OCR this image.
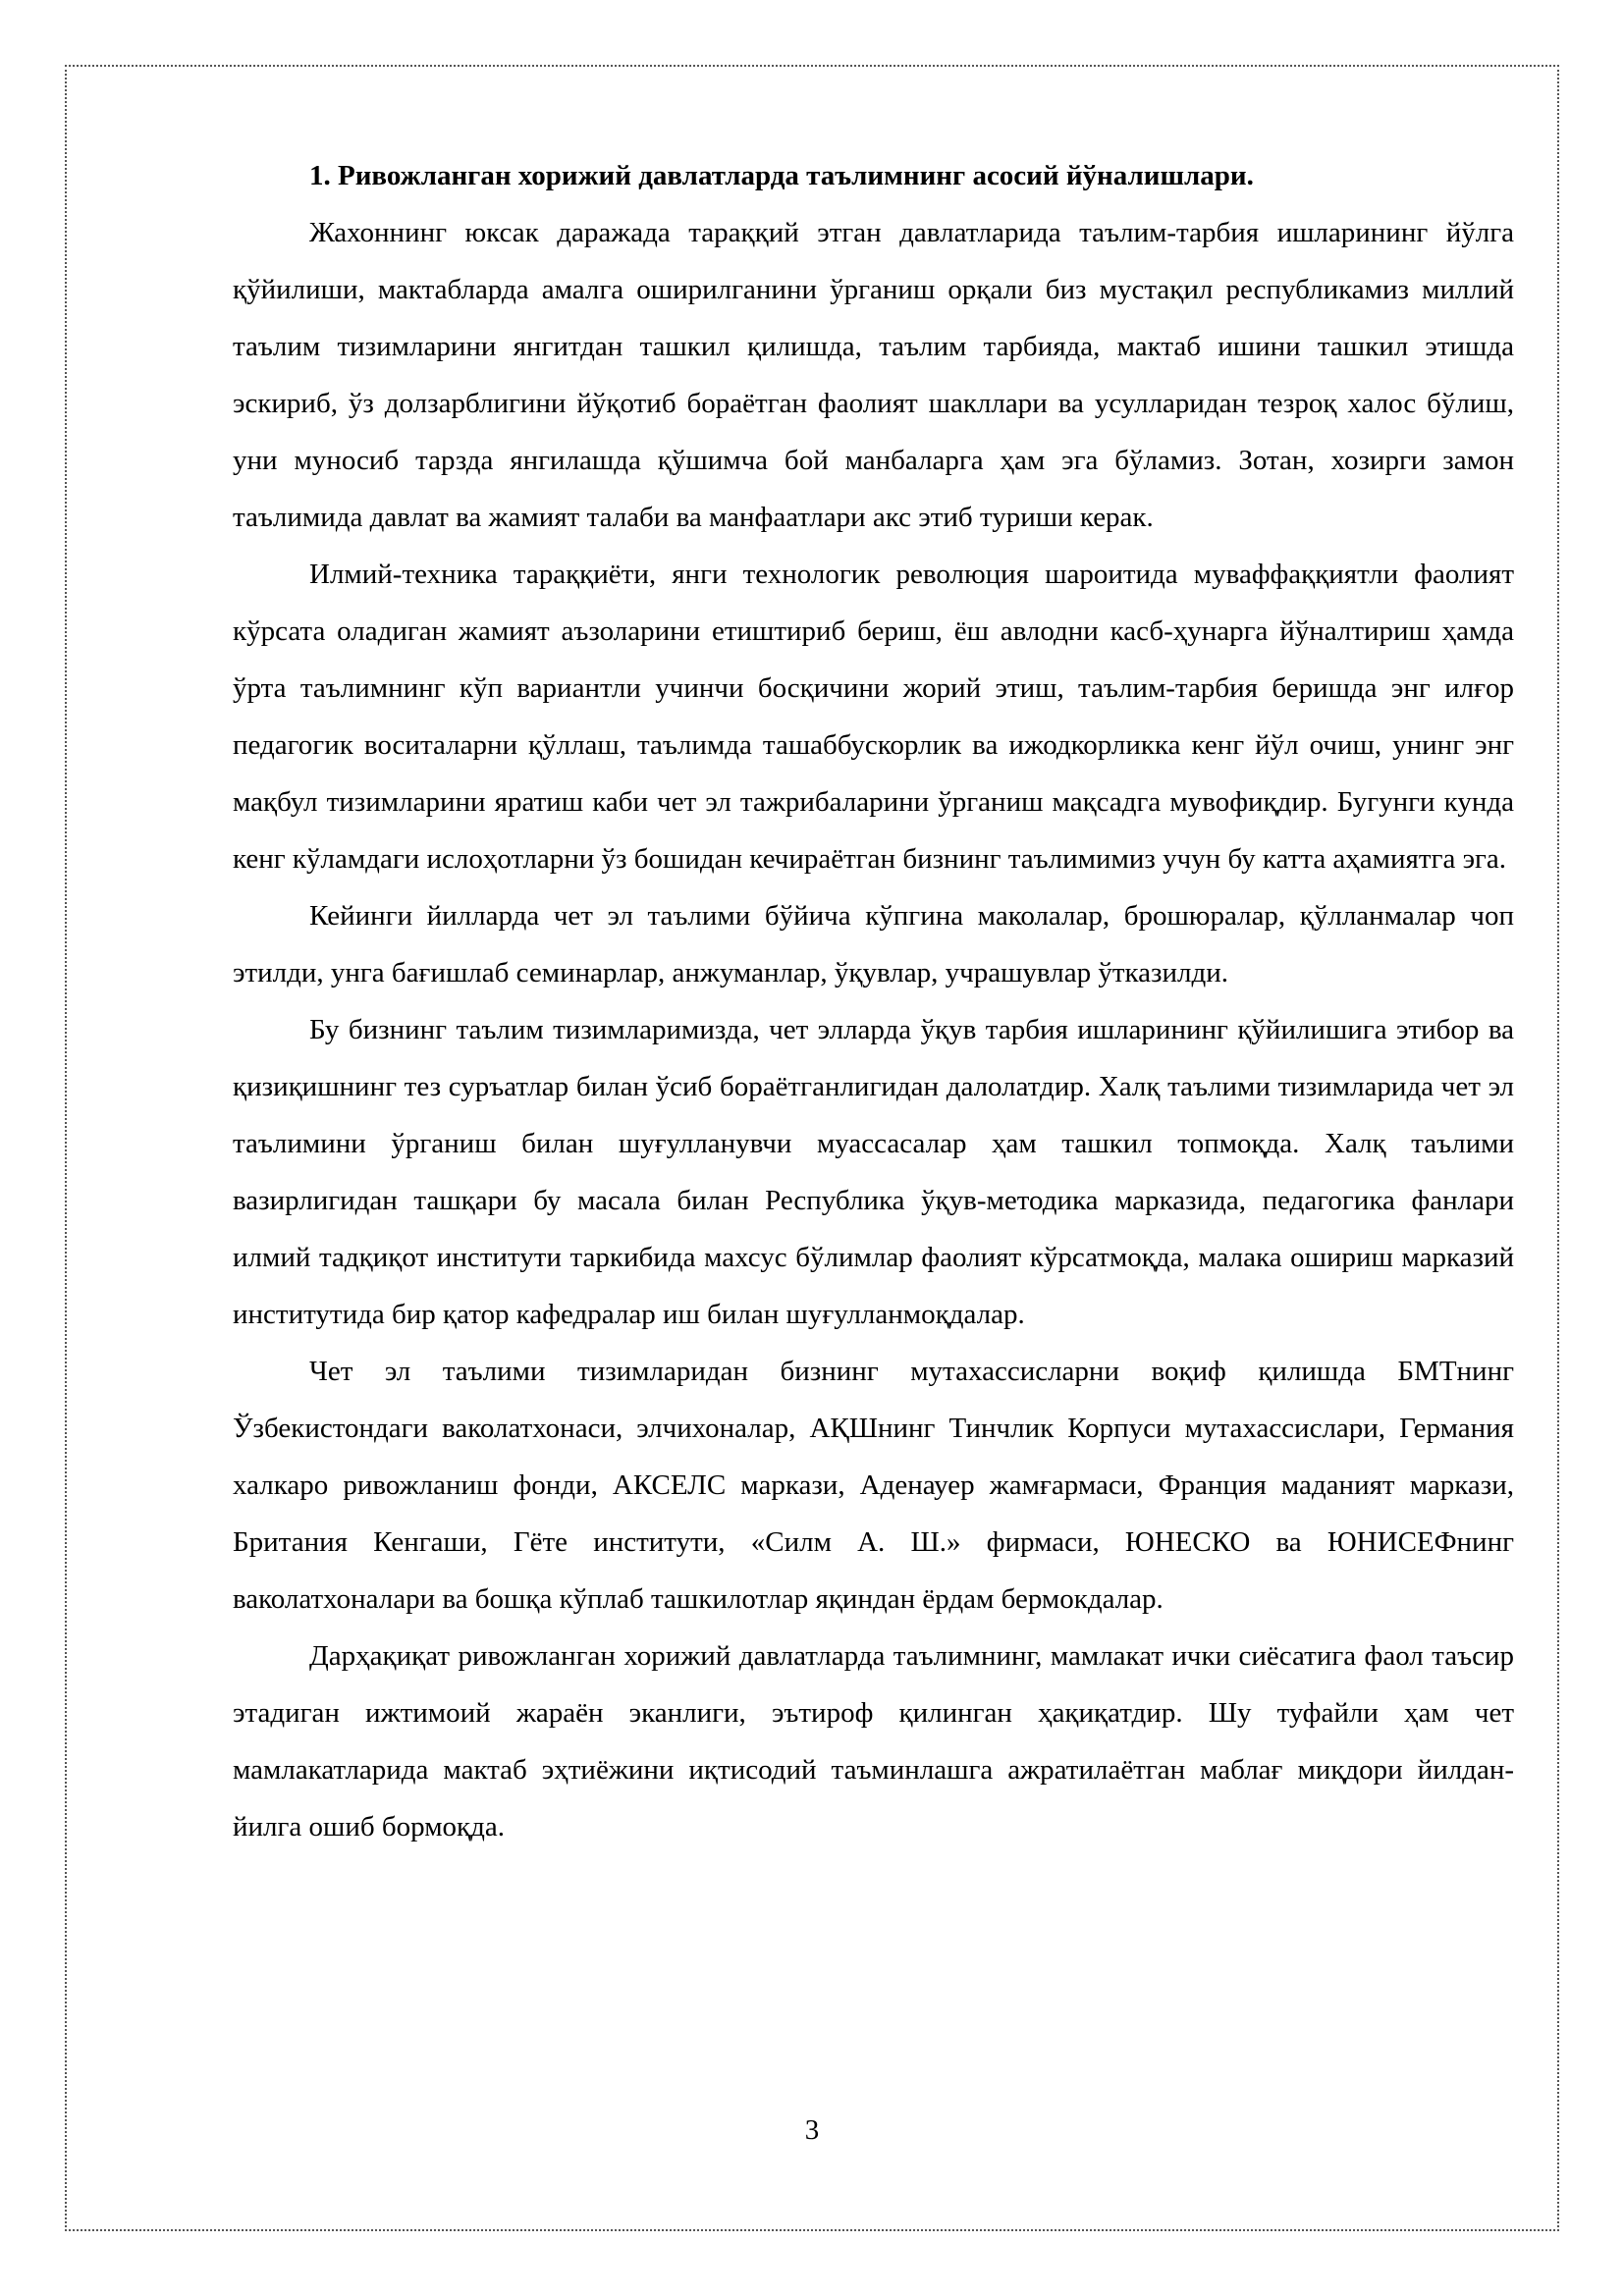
1. Ривожланган хорижий давлатларда таълимнинг асосий йўналишлари.

Жахоннинг юксак даражада тараққий этган давлатларида таълим-тарбия ишларининг йўлга қўйилиши, мактабларда амалга оширилганини ўрганиш орқали биз мустақил республикамиз миллий таълим тизимларини янгитдан ташкил қилишда, таълим тарбияда, мактаб ишини ташкил этишда эскириб, ўз долзарблигини йўқотиб бораётган фаолият шакллари ва усулларидан тезроқ халос бўлиш, уни муносиб тарзда янгилашда қўшимча бой манбаларга ҳам эга бўламиз. Зотан, хозирги замон таълимида давлат ва жамият талаби ва манфаатлари акс этиб туриши керак.

Илмий-техника тараққиёти, янги технологик революция шароитида муваффаққиятли фаолият кўрсата оладиган жамият аъзоларини етиштириб бериш, ёш авлодни касб-ҳунарга йўналтириш ҳамда ўрта таълимнинг кўп вариантли учинчи босқичини жорий этиш, таълим-тарбия беришда энг илғор педагогик воситаларни қўллаш, таълимда ташаббускорлик ва ижодкорликка кенг йўл очиш, унинг энг мақбул тизимларини яратиш каби чет эл тажрибаларини ўрганиш мақсадга мувофиқдир. Бугунги кунда кенг кўламдаги ислоҳотларни ўз бошидан кечираётган бизнинг таълимимиз учун бу катта аҳамиятга эга.

Кейинги йилларда чет эл таълими бўйича кўпгина маколалар, брошюралар, қўлланмалар чоп этилди, унга бағишлаб семинарлар, анжуманлар, ўқувлар, учрашувлар ўтказилди.

Бу бизнинг таълим тизимларимизда, чет элларда ўқув тарбия ишларининг қўйилишига этибор ва қизиқишнинг тез суръатлар билан ўсиб бораётганлигидан далолатдир. Халқ таълими тизимларида чет эл таълимини ўрганиш билан шуғулланувчи муассасалар ҳам ташкил топмоқда. Халқ таълими вазирлигидан ташқари бу масала билан Республика ўқув-методика марказида, педагогика фанлари илмий тадқиқот институти таркибида махсус бўлимлар фаолият кўрсатмоқда, малака ошириш марказий институтида бир қатор кафедралар иш билан шуғулланмоқдалар.

Чет эл таълими тизимларидан бизнинг мутахассисларни воқиф қилишда БМТнинг Ўзбекистондаги ваколатхонаси, элчихоналар, АҚШнинг Тинчлик Корпуси мутахассислари, Германия халкаро ривожланиш фонди, АКСЕЛС маркази, Аденауер жамғармаси, Франция маданият маркази, Британия Кенгаши, Гёте институти, «Силм А. Ш.» фирмаси, ЮНЕСКО ва ЮНИСЕФнинг ваколатхоналари ва бошқа кўплаб ташкилотлар яқиндан ёрдам бермокдалар.

Дарҳақиқат ривожланган хорижий давлатларда таълимнинг, мамлакат ички сиёсатига фаол таъсир этадиган ижтимоий жараён эканлиги, эътироф қилинган ҳақиқатдир. Шу туфайли ҳам чет мамлакатларида мактаб эҳтиёжини иқтисодий таъминлашга ажратилаётган маблағ миқдори йилдан-йилга ошиб бормоқда.

3
